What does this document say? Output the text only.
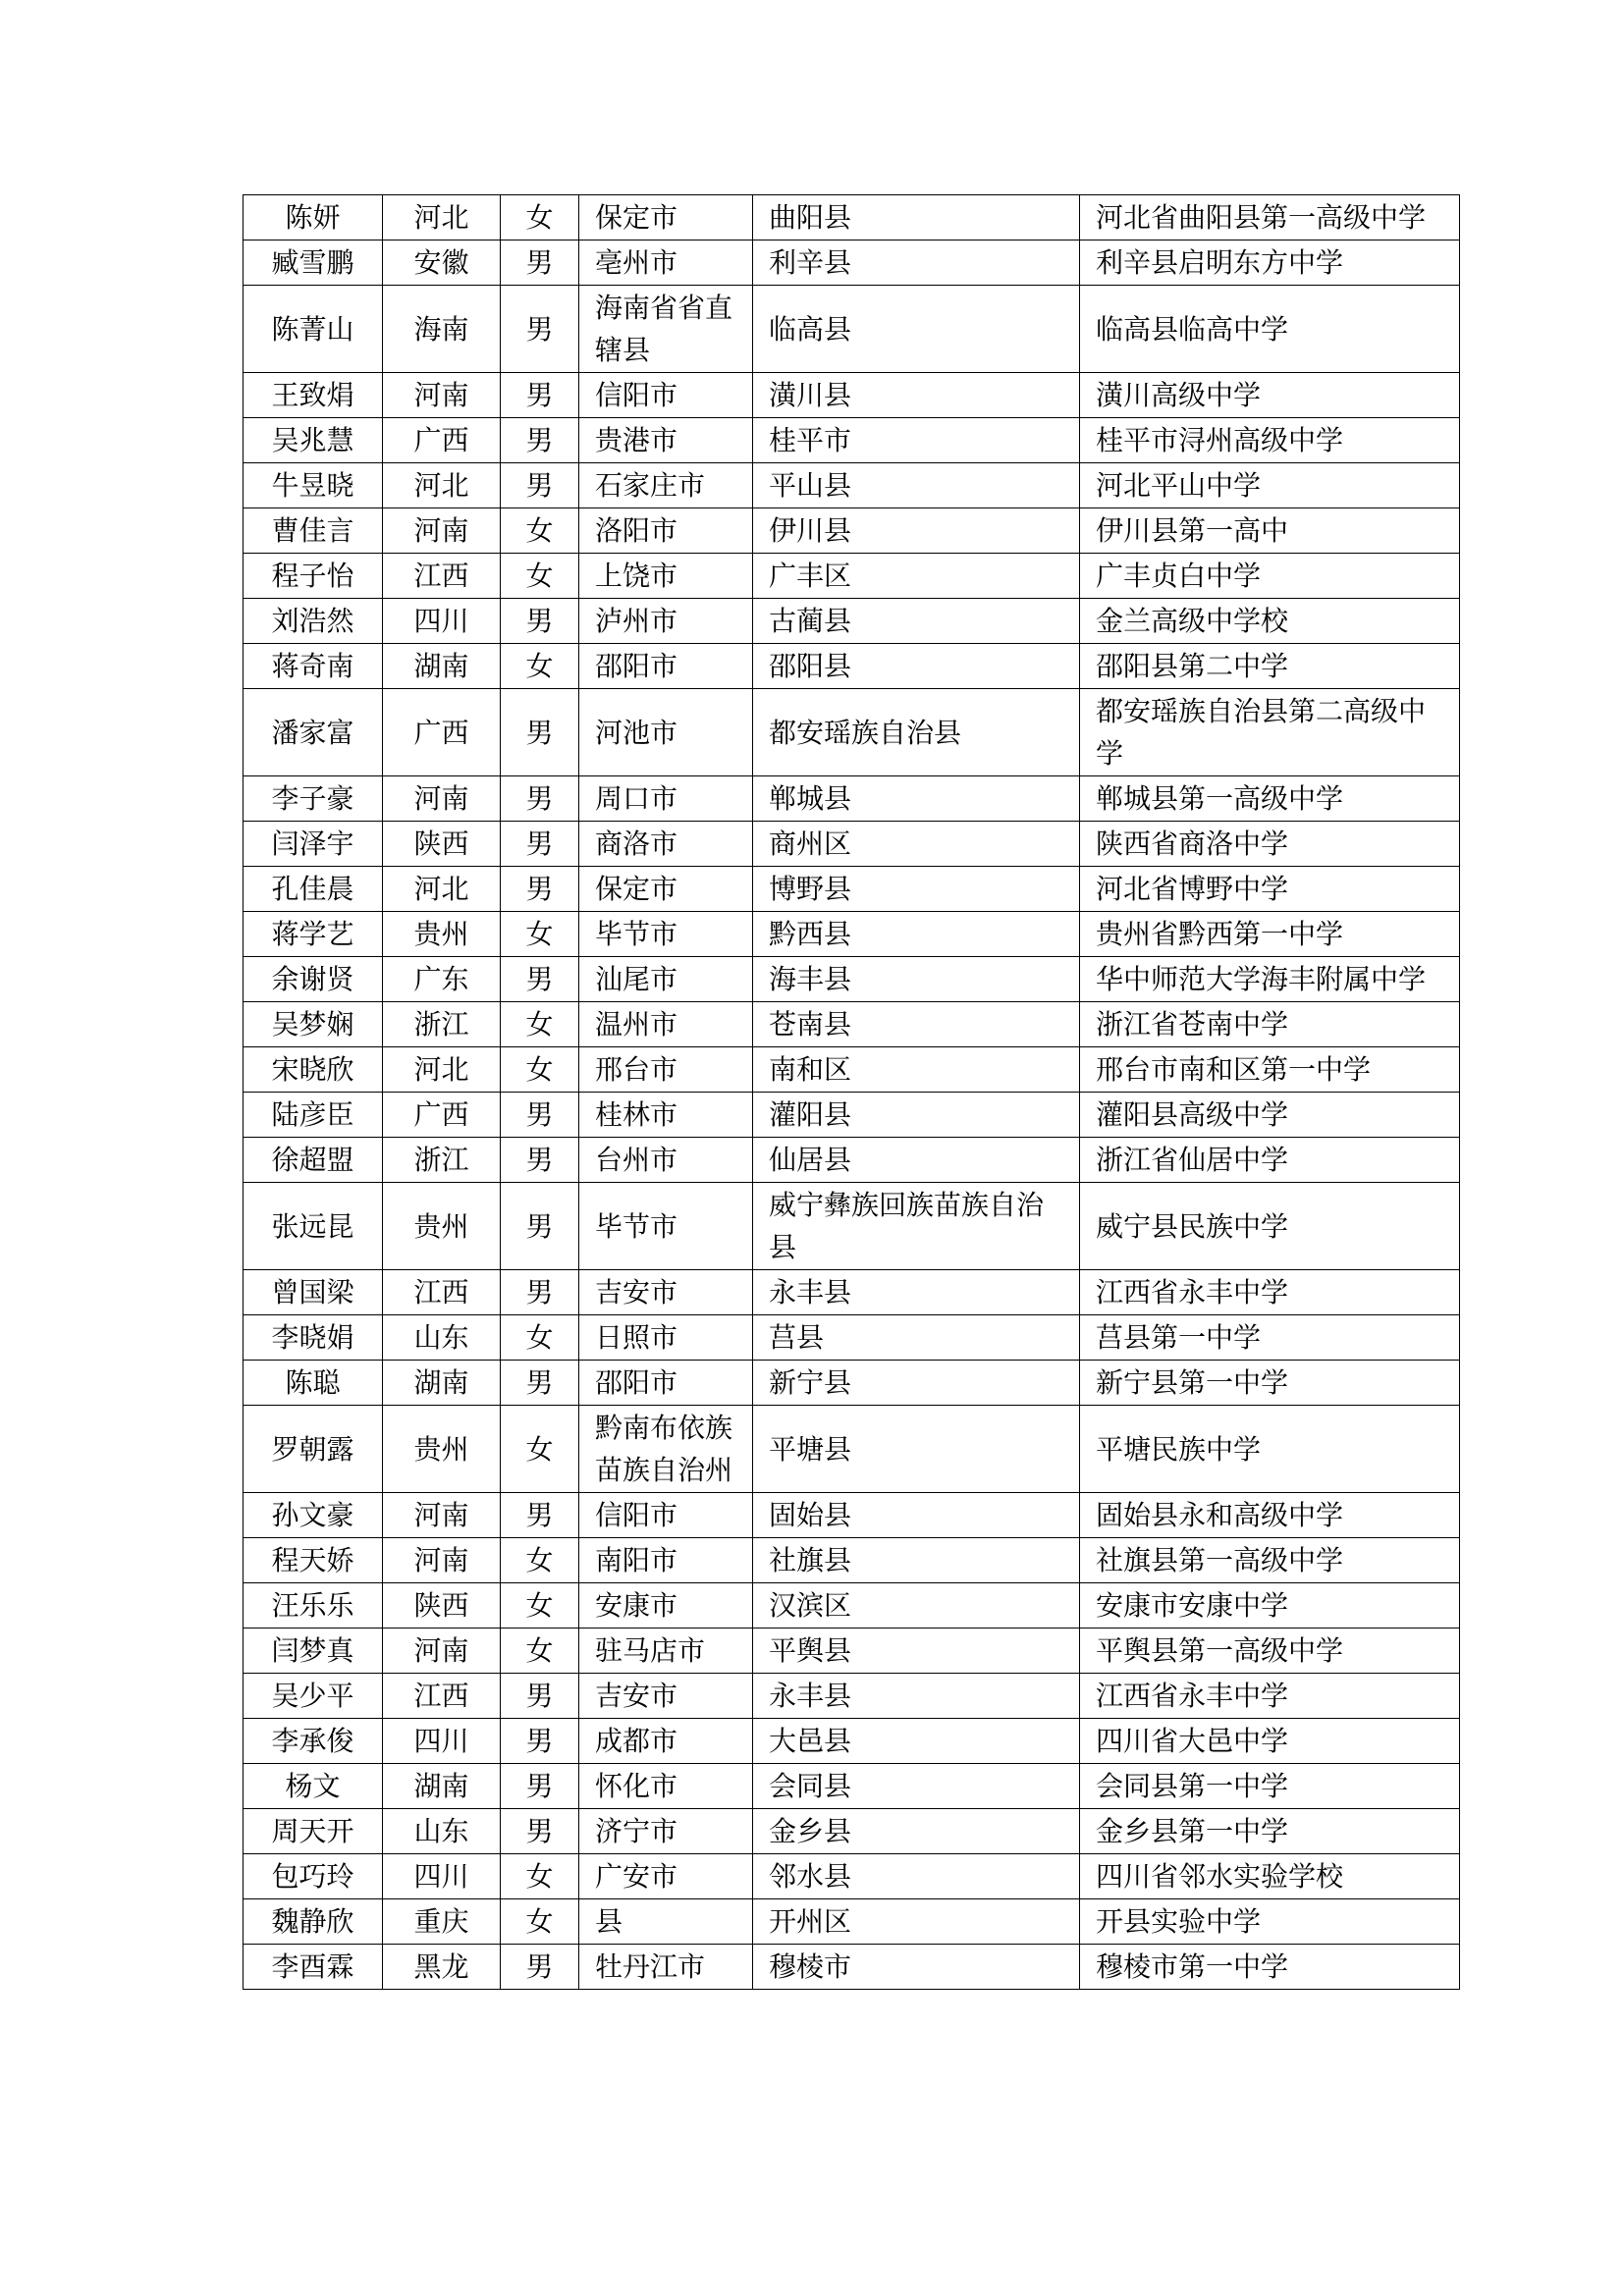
陈妍	河北	女	保定市	曲阳县	河北省曲阳县第一高级中学
臧雪鹏	安徽	男	亳州市	利辛县	利辛县启明东方中学
陈菁山	海南	男	海南省省直辖县	临高县	临高县临高中学
王致焆	河南	男	信阳市	潢川县	潢川高级中学
吴兆慧	广西	男	贵港市	桂平市	桂平市浔州高级中学
牛昱晓	河北	男	石家庄市	平山县	河北平山中学
曹佳言	河南	女	洛阳市	伊川县	伊川县第一高中
程子怡	江西	女	上饶市	广丰区	广丰贞白中学
刘浩然	四川	男	泸州市	古蔺县	金兰高级中学校
蒋奇南	湖南	女	邵阳市	邵阳县	邵阳县第二中学
潘家富	广西	男	河池市	都安瑶族自治县	都安瑶族自治县第二高级中学
李子豪	河南	男	周口市	郸城县	郸城县第一高级中学
闫泽宇	陕西	男	商洛市	商州区	陕西省商洛中学
孔佳晨	河北	男	保定市	博野县	河北省博野中学
蒋学艺	贵州	女	毕节市	黔西县	贵州省黔西第一中学
余谢贤	广东	男	汕尾市	海丰县	华中师范大学海丰附属中学
吴梦娴	浙江	女	温州市	苍南县	浙江省苍南中学
宋晓欣	河北	女	邢台市	南和区	邢台市南和区第一中学
陆彦臣	广西	男	桂林市	灌阳县	灌阳县高级中学
徐超盟	浙江	男	台州市	仙居县	浙江省仙居中学
张远昆	贵州	男	毕节市	威宁彝族回族苗族自治县	威宁县民族中学
曾国梁	江西	男	吉安市	永丰县	江西省永丰中学
李晓娟	山东	女	日照市	莒县	莒县第一中学
陈聪	湖南	男	邵阳市	新宁县	新宁县第一中学
罗朝露	贵州	女	黔南布依族苗族自治州	平塘县	平塘民族中学
孙文豪	河南	男	信阳市	固始县	固始县永和高级中学
程天娇	河南	女	南阳市	社旗县	社旗县第一高级中学
汪乐乐	陕西	女	安康市	汉滨区	安康市安康中学
闫梦真	河南	女	驻马店市	平舆县	平舆县第一高级中学
吴少平	江西	男	吉安市	永丰县	江西省永丰中学
李承俊	四川	男	成都市	大邑县	四川省大邑中学
杨文	湖南	男	怀化市	会同县	会同县第一中学
周天开	山东	男	济宁市	金乡县	金乡县第一中学
包巧玲	四川	女	广安市	邻水县	四川省邻水实验学校
魏静欣	重庆	女	县	开州区	开县实验中学
李酉霖	黑龙	男	牡丹江市	穆棱市	穆棱市第一中学
